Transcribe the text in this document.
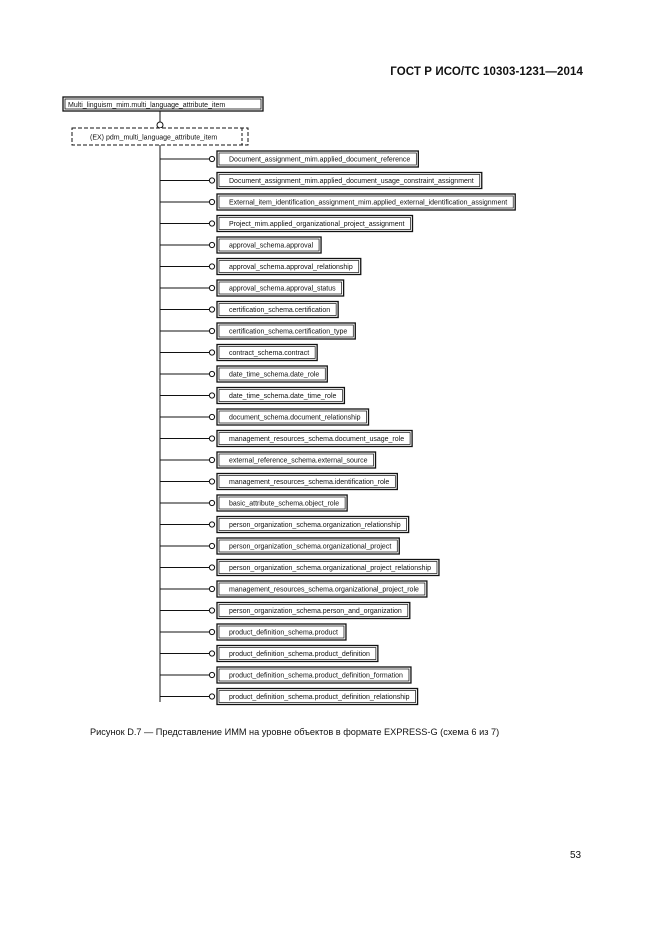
ГОСТ Р ИСО/ТС 10303-1231—2014
Multi_linguism_mim.multi_language_attribute_item
(EX) pdm_multi_language_attribute_item
Document_assignment_mim.applied_document_reference
Document_assignment_mim.applied_document_usage_constraint_assignment
External_item_identification_assignment_mim.applied_external_identification_assignment
Project_mim.applied_organizational_project_assignment
approval_schema.approval
approval_schema.approval_relationship
approval_schema.approval_status
certification_schema.certification
certification_schema.certification_type
contract_schema.contract
date_time_schema.date_role
date_time_schema.date_time_role
document_schema.document_relationship
management_resources_schema.document_usage_role
external_reference_schema.external_source
management_resources_schema.identification_role
basic_attribute_schema.object_role
person_organization_schema.organization_relationship
person_organization_schema.organizational_project
person_organization_schema.organizational_project_relationship
management_resources_schema.organizational_project_role
person_organization_schema.person_and_organization
product_definition_schema.product
product_definition_schema.product_definition
product_definition_schema.product_definition_formation
product_definition_schema.product_definition_relationship
Рисунок D.7 — Представление ИММ на уровне объектов в формате EXPRESS-G (схема 6 из 7)
53
